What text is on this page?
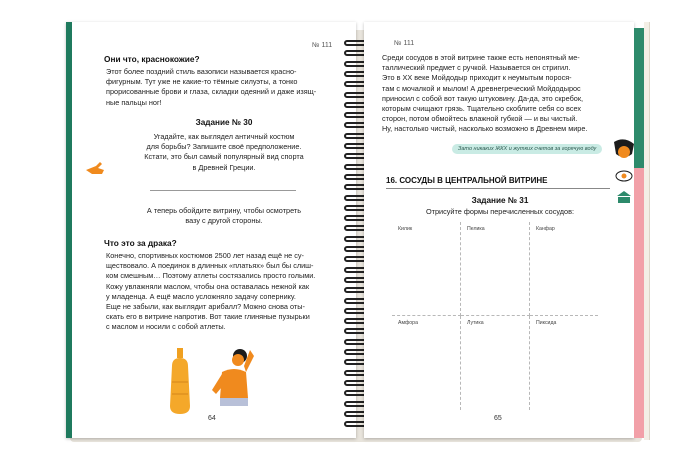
№ 111
Они что, краснокожие?
Этот более поздний стиль вазописи называется красно-
фигурным. Тут уже не какие-то тёмные силуэты, а тонко
прорисованные брови и глаза, складки одеяний и даже изящ-
ные пальцы ног!
Задание № 30
Угадайте, как выглядел античный костюм
для борьбы? Запишите своё предположение.
Кстати, это был самый популярный вид спорта
в Древней Греции.
А теперь обойдите витрину, чтобы осмотреть
вазу с другой стороны.
Что это за драка?
Конечно, спортивных костюмов 2500 лет назад ещё не су-
ществовало. А поединок в длинных «платьях» был бы слиш-
ком смешным… Поэтому атлеты состязались просто голыми.
Кожу увлажняли маслом, чтобы она оставалась нежной как
у младенца. А ещё масло усложняло задачу сопернику.
Еще не забыли, как выглядит арибалл? Можно снова оты-
скать его в витрине напротив. Вот такие глиняные пузырьки
с маслом и носили с собой атлеты.
64
№ 111
Среди сосудов в этой витрине также есть непонятный ме-
таллический предмет с ручкой. Называется он стригил.
Это в XX веке Мойдодыр приходит к неумытым порося-
там с мочалкой и мылом! А древнегреческий Мойдодырос
приносил с собой вот такую штуковину. Да-да, это скребок,
которым счищают грязь. Тщательно скоблите себя со всех
сторон, потом обмойтесь влажной губкой — и вы чистый.
Ну, настолько чистый, насколько возможно в Древнем мире.
Зато никаких ЖКХ и жутких счетов за горячую воду
16. СОСУДЫ В ЦЕНТРАЛЬНОЙ ВИТРИНЕ
Задание № 31
Отрисуйте формы перечисленных сосудов:
Килик	Пелика	Канфар
Амфора	Лутика	Пиксида
65
